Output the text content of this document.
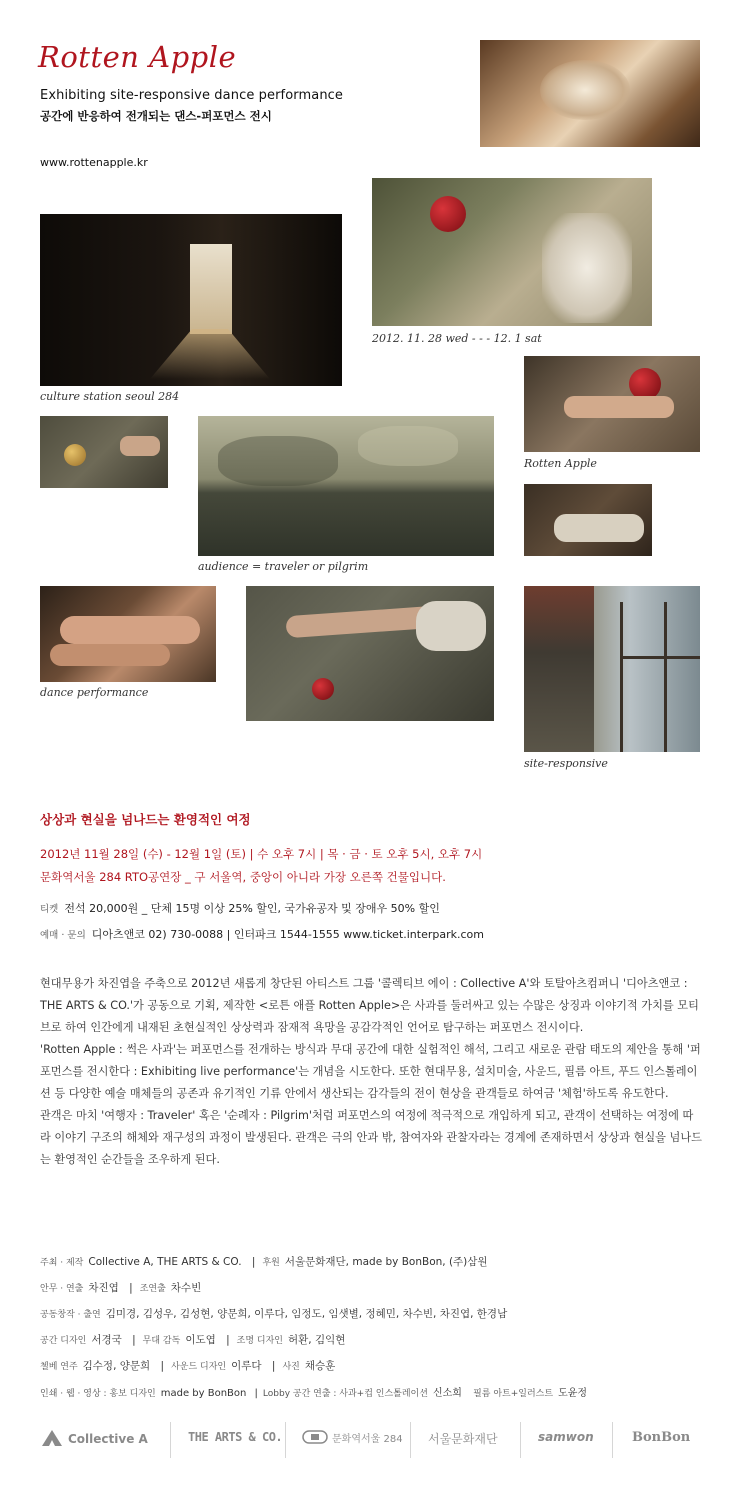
Rotten Apple
Exhibiting site-responsive dance performance
공간에 반응하여 전개되는 댄스-퍼포먼스 전시
www.rottenapple.kr
culture station seoul 284
2012. 11. 28 wed - - - 12. 1 sat
Rotten Apple
audience = traveler or pilgrim
dance performance
site-responsive
상상과 현실을 넘나드는 환영적인 여정
2012년 11월 28일 (수) - 12월 1일 (토) | 수 오후 7시 | 목 · 금 · 토 오후 5시, 오후 7시
문화역서울 284 RTO공연장 _ 구 서울역, 중앙이 아니라 가장 오른쪽 건물입니다.
티켓 전석 20,000원 _ 단체 15명 이상 25% 할인, 국가유공자 및 장애우 50% 할인
예매 · 문의 디아츠앤코 02) 730-0088 | 인터파크 1544-1555 www.ticket.interpark.com

현대무용가 차진엽을 주축으로 2012년 새롭게 창단된 아티스트 그룹 '콜렉티브 에이 : Collective A'와 토탈아츠컴퍼니 '디아츠앤코 : THE ARTS & CO.'가 공동으로 기획, 제작한 <로튼 애플 Rotten Apple>은 사과를 둘러싸고 있는 수많은 상징과 이야기적 가치를 모티브로 하여 인간에게 내재된 초현실적인 상상력과 잠재적 욕망을 공감각적인 언어로 탐구하는 퍼포먼스 전시이다.

'Rotten Apple : 썩은 사과'는 퍼포먼스를 전개하는 방식과 무대 공간에 대한 실험적인 해석, 그리고 새로운 관람 태도의 제안을 통해 '퍼포먼스를 전시한다 : Exhibiting live performance'는 개념을 시도한다. 또한 현대무용, 설치미술, 사운드, 필름 아트, 푸드 인스톨레이션 등 다양한 예술 매체들의 공존과 유기적인 기류 안에서 생산되는 감각들의 전이 현상을 관객들로 하여금 '체험'하도록 유도한다.

관객은 마치 '여행자 : Traveler' 혹은 '순례자 : Pilgrim'처럼 퍼포먼스의 여정에 적극적으로 개입하게 되고, 관객이 선택하는 여정에 따라 이야기 구조의 해체와 재구성의 과정이 발생된다. 관객은 극의 안과 밖, 참여자와 관찰자라는 경계에 존재하면서 상상과 현실을 넘나드는 환영적인 순간들을 조우하게 된다.

주최 · 제작 Collective A, THE ARTS & CO. | 후원 서울문화재단, made by BonBon, (주)삼원
안무 · 연출 차진엽 | 조연출 차수빈
공동창작 · 출연 김미경, 김성우, 김성현, 양문희, 이루다, 임정도, 임샛별, 정혜민, 차수빈, 차진엽, 한경남
공간 디자인 서경국 | 무대 감독 이도엽 | 조명 디자인 허환, 김익현
첼베 연주 김수정, 양문희 | 사운드 디자인 이루다 | 사진 채승훈
인쇄 · 웹 · 영상 : 홍보 디자인 made by BonBon | Lobby 공간 연출 : 사과+컵 인스톨레이션 신소희 필름 아트+일러스트 도윤정
Collective A	THE ARTS & CO.	문화역서울 284 서울문화재단	samwon	BonBon
